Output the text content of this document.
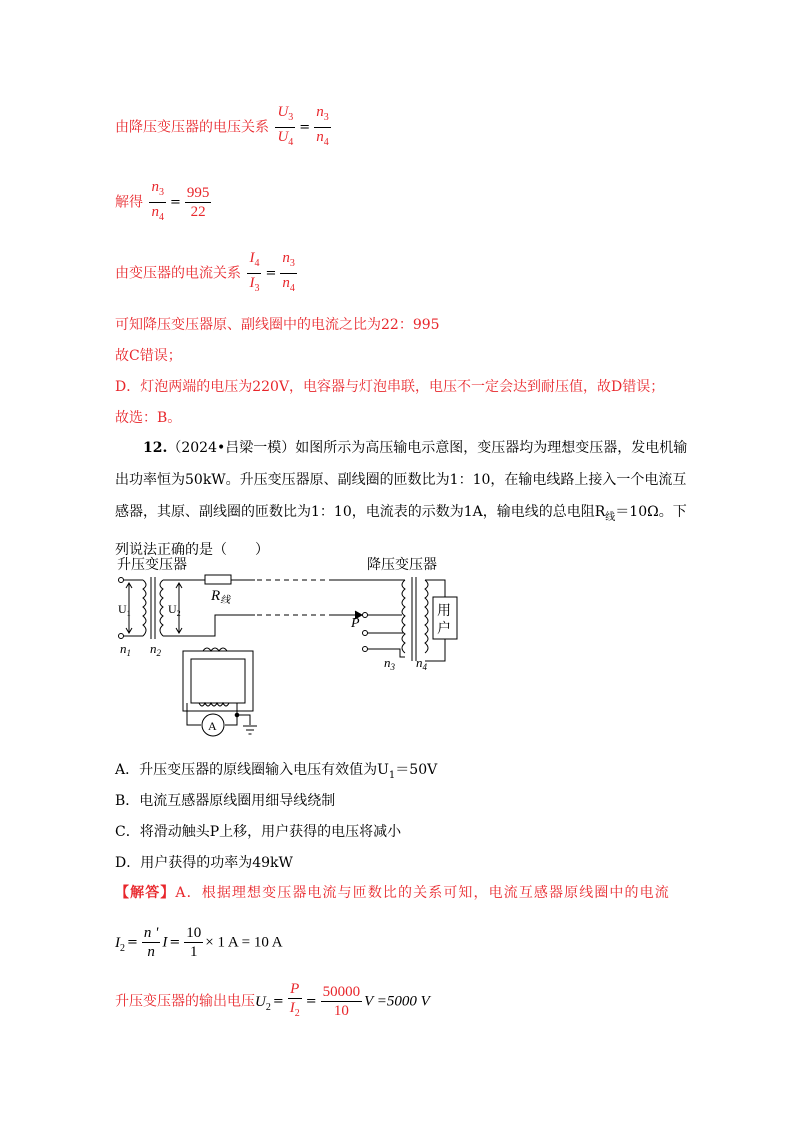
由降压变压器的电压关系 $\frac{U_3}{U_4} = \frac{n_3}{n_4}$
解得 $\frac{n_3}{n_4} = \frac{995}{22}$
由变压器的电流关系 $\frac{I_4}{I_3} = \frac{n_3}{n_4}$
可知降压变压器原、副线圈中的电流之比为22：995
故C错误；
D．灯泡两端的电压为220V，电容器与灯泡串联，电压不一定会达到耐压值，故D错误；
故选：B。
12.（2024•吕梁一模）如图所示为高压输电示意图，变压器均为理想变压器，发电机输
出功率恒为50kW。升压变压器原、副线圈的匝数比为1：10，在输电线路上接入一个电流互
感器，其原、副线圈的匝数比为1：10，电流表的示数为1A，输电线的总电阻$R_线=10\Omega$。下
列说法正确的是（　　）
升压变压器	降压变压器
$R_线$
$U_1$	$U_2$
$n_1$ $n_2$
$n_3$ $n_4$
P
用
户
A
A．升压变压器的原线圈输入电压有效值为$U_1=50V$
B．电流互感器原线圈用细导线绕制
C．将滑动触头P上移，用户获得的电压将减小
D．用户获得的功率为49kW
【解答】A．根据理想变压器电流与匝数比的关系可知，电流互感器原线圈中的电流
$I_2 = \frac{n '}{n}$ $I = \frac{10}{1} \times 1$ A = 10 A
升压变压器的输出电压$U_2 = \frac{P}{I_2} = \frac{50000}{10}$ V =5000 V
